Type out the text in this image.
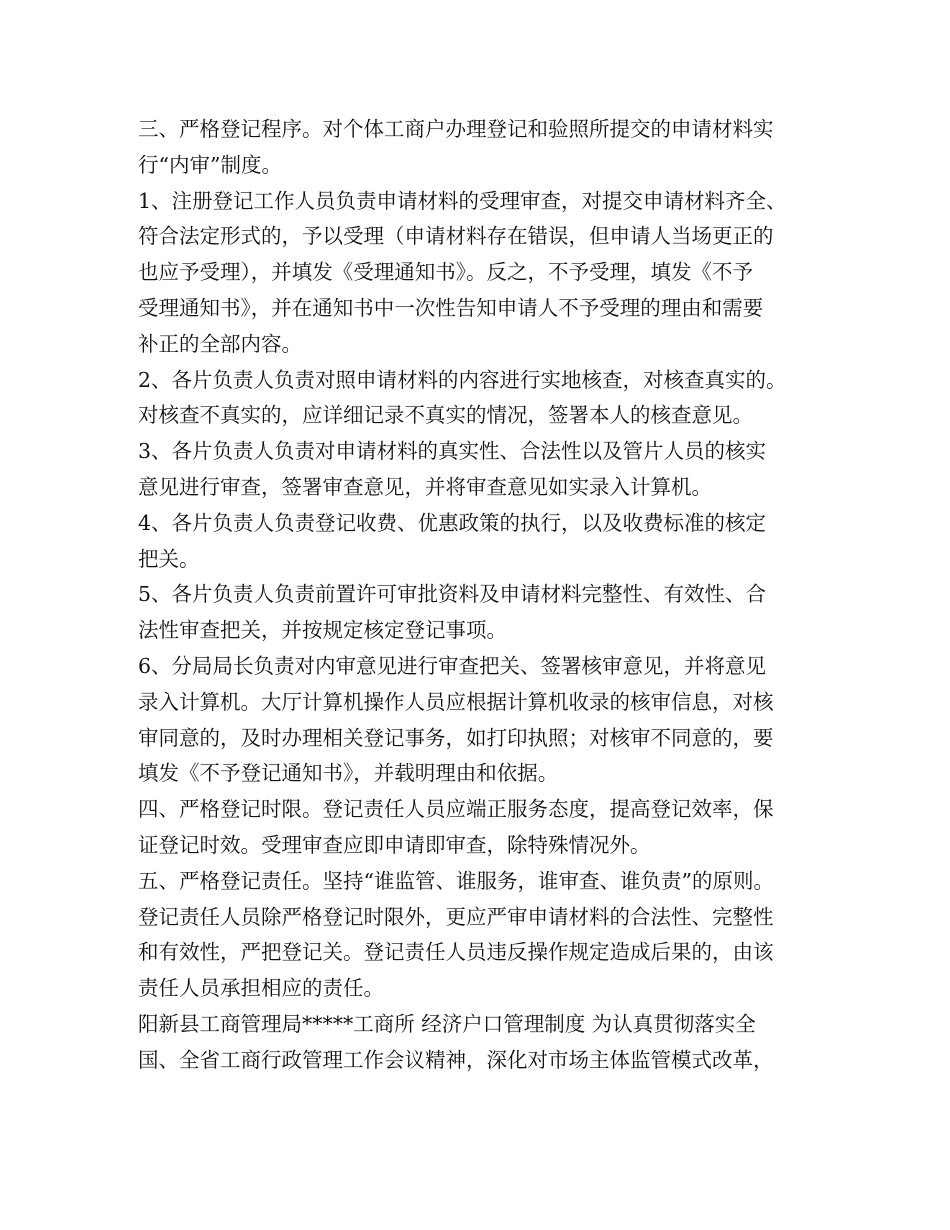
三、严格登记程序。对个体工商户办理登记和验照所提交的申请材料实
行“内审”制度。
1、注册登记工作人员负责申请材料的受理审查，对提交申请材料齐全、
符合法定形式的，予以受理（申请材料存在错误，但申请人当场更正的
也应予受理），并填发《受理通知书》。反之，不予受理，填发《不予
受理通知书》，并在通知书中一次性告知申请人不予受理的理由和需要
补正的全部内容。
2、各片负责人负责对照申请材料的内容进行实地核查，对核查真实的。
对核查不真实的，应详细记录不真实的情况，签署本人的核查意见。
3、各片负责人负责对申请材料的真实性、合法性以及管片人员的核实
意见进行审查，签署审查意见，并将审查意见如实录入计算机。
4、各片负责人负责登记收费、优惠政策的执行，以及收费标准的核定
把关。
5、各片负责人负责前置许可审批资料及申请材料完整性、有效性、合
法性审查把关，并按规定核定登记事项。
6、分局局长负责对内审意见进行审查把关、签署核审意见，并将意见
录入计算机。大厅计算机操作人员应根据计算机收录的核审信息，对核
审同意的，及时办理相关登记事务，如打印执照；对核审不同意的，要
填发《不予登记通知书》，并载明理由和依据。
四、严格登记时限。登记责任人员应端正服务态度，提高登记效率，保
证登记时效。受理审查应即申请即审查，除特殊情况外。
五、严格登记责任。坚持“谁监管、谁服务，谁审查、谁负责”的原则。
登记责任人员除严格登记时限外，更应严审申请材料的合法性、完整性
和有效性，严把登记关。登记责任人员违反操作规定造成后果的，由该
责任人员承担相应的责任。
阳新县工商管理局*****工商所 经济户口管理制度 为认真贯彻落实全
国、全省工商行政管理工作会议精神，深化对市场主体监管模式改革，
